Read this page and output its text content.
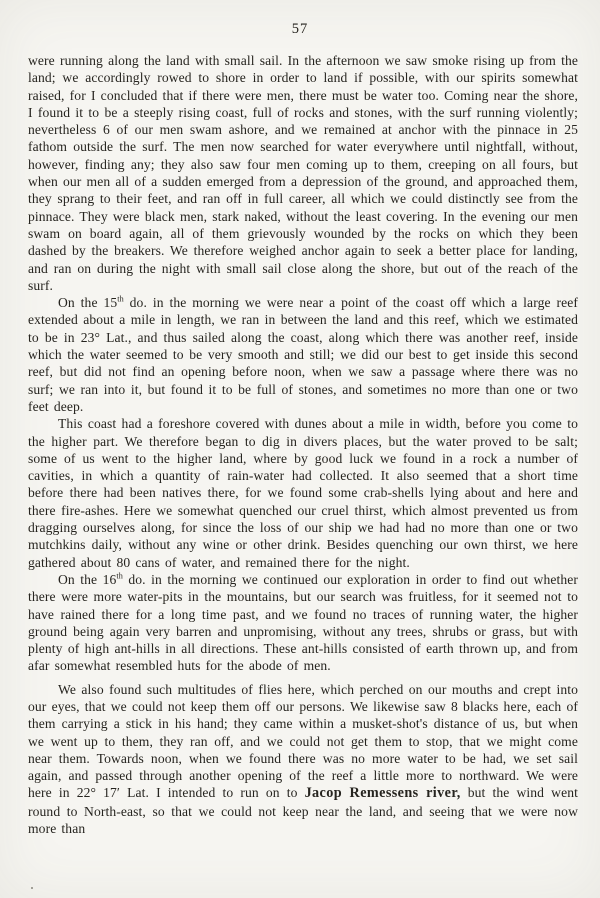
57

were running along the land with small sail. In the afternoon we saw smoke rising up from the land; we accordingly rowed to shore in order to land if possible, with our spirits somewhat raised, for I concluded that if there were men, there must be water too. Coming near the shore, I found it to be a steeply rising coast, full of rocks and stones, with the surf running violently; nevertheless 6 of our men swam ashore, and we remained at anchor with the pinnace in 25 fathom outside the surf. The men now searched for water everywhere until nightfall, without, however, finding any; they also saw four men coming up to them, creeping on all fours, but when our men all of a sudden emerged from a depression of the ground, and approached them, they sprang to their feet, and ran off in full career, all which we could distinctly see from the pinnace. They were black men, stark naked, without the least covering. In the evening our men swam on board again, all of them grievously wounded by the rocks on which they been dashed by the breakers. We therefore weighed anchor again to seek a better place for landing, and ran on during the night with small sail close along the shore, but out of the reach of the surf.

On the 15th do. in the morning we were near a point of the coast off which a large reef extended about a mile in length, we ran in between the land and this reef, which we estimated to be in 23° Lat., and thus sailed along the coast, along which there was another reef, inside which the water seemed to be very smooth and still; we did our best to get inside this second reef, but did not find an opening before noon, when we saw a passage where there was no surf; we ran into it, but found it to be full of stones, and sometimes no more than one or two feet deep.

This coast had a foreshore covered with dunes about a mile in width, before you come to the higher part. We therefore began to dig in divers places, but the water proved to be salt; some of us went to the higher land, where by good luck we found in a rock a number of cavities, in which a quantity of rain-water had collected. It also seemed that a short time before there had been natives there, for we found some crab-shells lying about and here and there fire-ashes. Here we somewhat quenched our cruel thirst, which almost prevented us from dragging ourselves along, for since the loss of our ship we had had no more than one or two mutchkins daily, without any wine or other drink. Besides quenching our own thirst, we here gathered about 80 cans of water, and remained there for the night.

On the 16th do. in the morning we continued our exploration in order to find out whether there were more water-pits in the mountains, but our search was fruitless, for it seemed not to have rained there for a long time past, and we found no traces of running water, the higher ground being again very barren and unpromising, without any trees, shrubs or grass, but with plenty of high ant-hills in all directions. These ant-hills consisted of earth thrown up, and from afar somewhat resembled huts for the abode of men.

We also found such multitudes of flies here, which perched on our mouths and crept into our eyes, that we could not keep them off our persons. We likewise saw 8 blacks here, each of them carrying a stick in his hand; they came within a musket-shot's distance of us, but when we went up to them, they ran off, and we could not get them to stop, that we might come near them. Towards noon, when we found there was no more water to be had, we set sail again, and passed through another opening of the reef a little more to northward. We were here in 22° 17′ Lat. I intended to run on to Jacop Remessens river, but the wind went round to North-east, so that we could not keep near the land, and seeing that we were now more than
